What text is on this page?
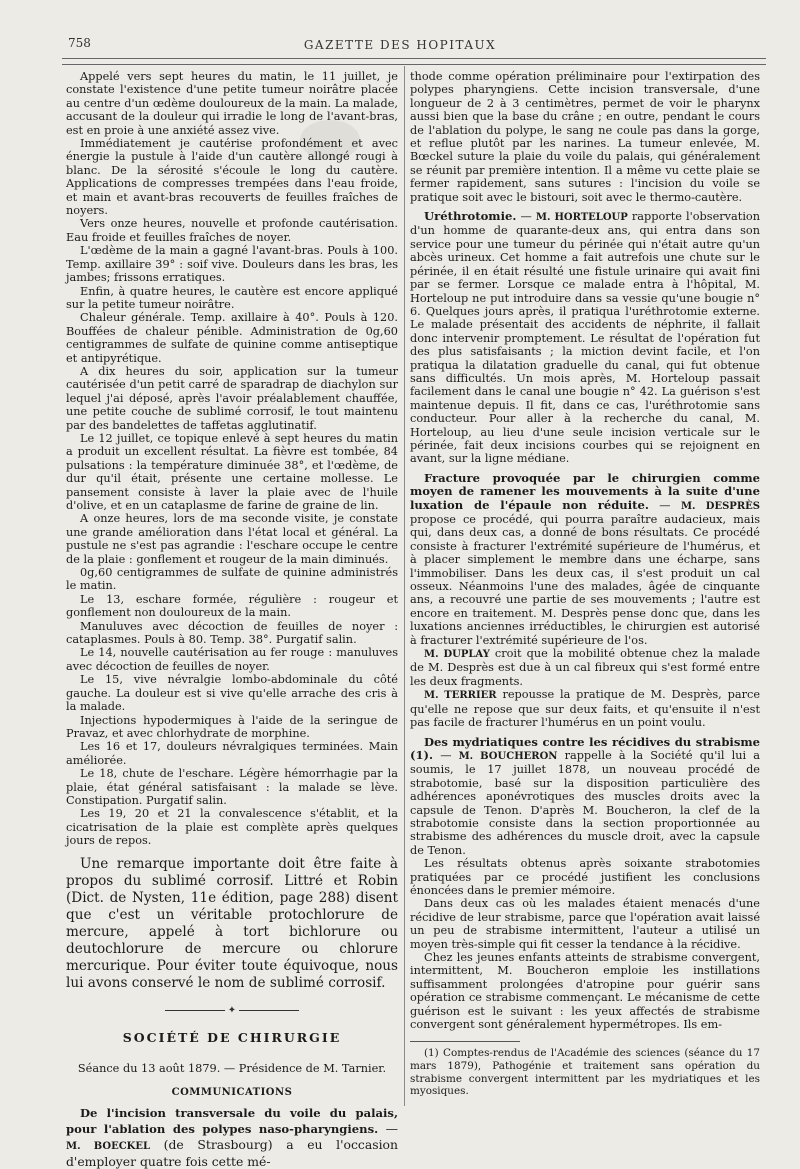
758	GAZETTE DES HOPITAUX

Appelé vers sept heures du matin, le 11 juillet, je constate l'existence d'une petite tumeur noirâtre placée au centre d'un œdème douloureux de la main. La malade, accusant de la douleur qui irradie le long de l'avant-bras, est en proie à une anxiété assez vive.

Immédiatement je cautérise profondément et avec énergie la pustule à l'aide d'un cautère allongé rougi à blanc. De la sérosité s'écoule le long du cautère. Applications de compresses trempées dans l'eau froide, et main et avant-bras recouverts de feuilles fraîches de noyers.

Vers onze heures, nouvelle et profonde cautérisation. Eau froide et feuilles fraîches de noyer.

L'œdème de la main a gagné l'avant-bras. Pouls à 100. Temp. axillaire 39° : soif vive. Douleurs dans les bras, les jambes; frissons erratiques.

Enfin, à quatre heures, le cautère est encore appliqué sur la petite tumeur noirâtre.

Chaleur générale. Temp. axillaire à 40°. Pouls à 120. Bouffées de chaleur pénible. Administration de 0g,60 centigrammes de sulfate de quinine comme antiseptique et antipyrétique.

A dix heures du soir, application sur la tumeur cautérisée d'un petit carré de sparadrap de diachylon sur lequel j'ai déposé, après l'avoir préalablement chauffée, une petite couche de sublimé corrosif, le tout maintenu par des bandelettes de taffetas agglutinatif.

Le 12 juillet, ce topique enlevé à sept heures du matin a produit un excellent résultat. La fièvre est tombée, 84 pulsations : la température diminuée 38°, et l'œdème, de dur qu'il était, présente une certaine mollesse. Le pansement consiste à laver la plaie avec de l'huile d'olive, et en un cataplasme de farine de graine de lin.

A onze heures, lors de ma seconde visite, je constate une grande amélioration dans l'état local et général. La pustule ne s'est pas agrandie : l'eschare occupe le centre de la plaie : gonflement et rougeur de la main diminués.

0g,60 centigrammes de sulfate de quinine administrés le matin.

Le 13, eschare formée, régulière : rougeur et gonflement non douloureux de la main.

Manuluves avec décoction de feuilles de noyer : cataplasmes. Pouls à 80. Temp. 38°. Purgatif salin.

Le 14, nouvelle cautérisation au fer rouge : manuluves avec décoction de feuilles de noyer.

Le 15, vive névralgie lombo-abdominale du côté gauche. La douleur est si vive qu'elle arrache des cris à la malade.

Injections hypodermiques à l'aide de la seringue de Pravaz, et avec chlorhydrate de morphine.

Les 16 et 17, douleurs névralgiques terminées. Main améliorée.

Le 18, chute de l'eschare. Légère hémorrhagie par la plaie, état général satisfaisant : la malade se lève. Constipation. Purgatif salin.

Les 19, 20 et 21 la convalescence s'établit, et la cicatrisation de la plaie est complète après quelques jours de repos.

Une remarque importante doit être faite à propos du sublimé corrosif. Littré et Robin (Dict. de Nysten, 11e édition, page 288) disent que c'est un véritable protochlorure de mercure, appelé à tort bichlorure ou deutochlorure de mercure ou chlorure mercurique. Pour éviter toute équivoque, nous lui avons conservé le nom de sublimé corrosif.

✦
SOCIÉTÉ DE CHIRURGIE
Séance du 13 août 1879. — Présidence de M. Tarnier.
COMMUNICATIONS

De l'incision transversale du voile du palais, pour l'ablation des polypes naso-pharyngiens. — M. BOECKEL (de Strasbourg) a eu l'occasion d'employer quatre fois cette mé-

thode comme opération préliminaire pour l'extirpation des polypes pharyngiens. Cette incision transversale, d'une longueur de 2 à 3 centimètres, permet de voir le pharynx aussi bien que la base du crâne ; en outre, pendant le cours de l'ablation du polype, le sang ne coule pas dans la gorge, et reflue plutôt par les narines. La tumeur enlevée, M. Bœckel suture la plaie du voile du palais, qui généralement se réunit par première intention. Il a même vu cette plaie se fermer rapidement, sans sutures : l'incision du voile se pratique soit avec le bistouri, soit avec le thermo-cautère.

Uréthrotomie. — M. HORTELOUP rapporte l'observation d'un homme de quarante-deux ans, qui entra dans son service pour une tumeur du périnée qui n'était autre qu'un abcès urineux. Cet homme a fait autrefois une chute sur le périnée, il en était résulté une fistule urinaire qui avait fini par se fermer. Lorsque ce malade entra à l'hôpital, M. Horteloup ne put introduire dans sa vessie qu'une bougie n° 6. Quelques jours après, il pratiqua l'uréthrotomie externe. Le malade présentait des accidents de néphrite, il fallait donc intervenir promptement. Le résultat de l'opération fut des plus satisfaisants ; la miction devint facile, et l'on pratiqua la dilatation graduelle du canal, qui fut obtenue sans difficultés. Un mois après, M. Horteloup passait facilement dans le canal une bougie n° 42. La guérison s'est maintenue depuis. Il fit, dans ce cas, l'uréthrotomie sans conducteur. Pour aller à la recherche du canal, M. Horteloup, au lieu d'une seule incision verticale sur le périnée, fait deux incisions courbes qui se rejoignent en avant, sur la ligne médiane.

Fracture provoquée par le chirurgien comme moyen de ramener les mouvements à la suite d'une luxation de l'épaule non réduite. — M. DESPRÈS propose ce procédé, qui pourra paraître audacieux, mais qui, dans deux cas, a donné de bons résultats. Ce procédé consiste à fracturer l'extrémité supérieure de l'humérus, et à placer simplement le membre dans une écharpe, sans l'immobiliser. Dans les deux cas, il s'est produit un cal osseux. Néanmoins l'une des malades, âgée de cinquante ans, a recouvré une partie de ses mouvements ; l'autre est encore en traitement. M. Desprès pense donc que, dans les luxations anciennes irréductibles, le chirurgien est autorisé à fracturer l'extrémité supérieure de l'os.

M. DUPLAY croit que la mobilité obtenue chez la malade de M. Desprès est due à un cal fibreux qui s'est formé entre les deux fragments.

M. TERRIER repousse la pratique de M. Desprès, parce qu'elle ne repose que sur deux faits, et qu'ensuite il n'est pas facile de fracturer l'humérus en un point voulu.

Des mydriatiques contre les récidives du strabisme (1). — M. BOUCHERON rappelle à la Société qu'il lui a soumis, le 17 juillet 1878, un nouveau procédé de strabotomie, basé sur la disposition particulière des adhérences aponévrotiques des muscles droits avec la capsule de Tenon. D'après M. Boucheron, la clef de la strabotomie consiste dans la section proportionnée au strabisme des adhérences du muscle droit, avec la capsule de Tenon.

Les résultats obtenus après soixante strabotomies pratiquées par ce procédé justifient les conclusions énoncées dans le premier mémoire.

Dans deux cas où les malades étaient menacés d'une récidive de leur strabisme, parce que l'opération avait laissé un peu de strabisme intermittent, l'auteur a utilisé un moyen très-simple qui fit cesser la tendance à la récidive.

Chez les jeunes enfants atteints de strabisme convergent, intermittent, M. Boucheron emploie les instillations suffisamment prolongées d'atropine pour guérir sans opération ce strabisme commençant. Le mécanisme de cette guérison est le suivant : les yeux affectés de strabisme convergent sont généralement hypermétropes. Ils em-

(1) Comptes-rendus de l'Académie des sciences (séance du 17 mars 1879), Pathogénie et traitement sans opération du strabisme convergent intermittent par les mydriatiques et les myosiques.
